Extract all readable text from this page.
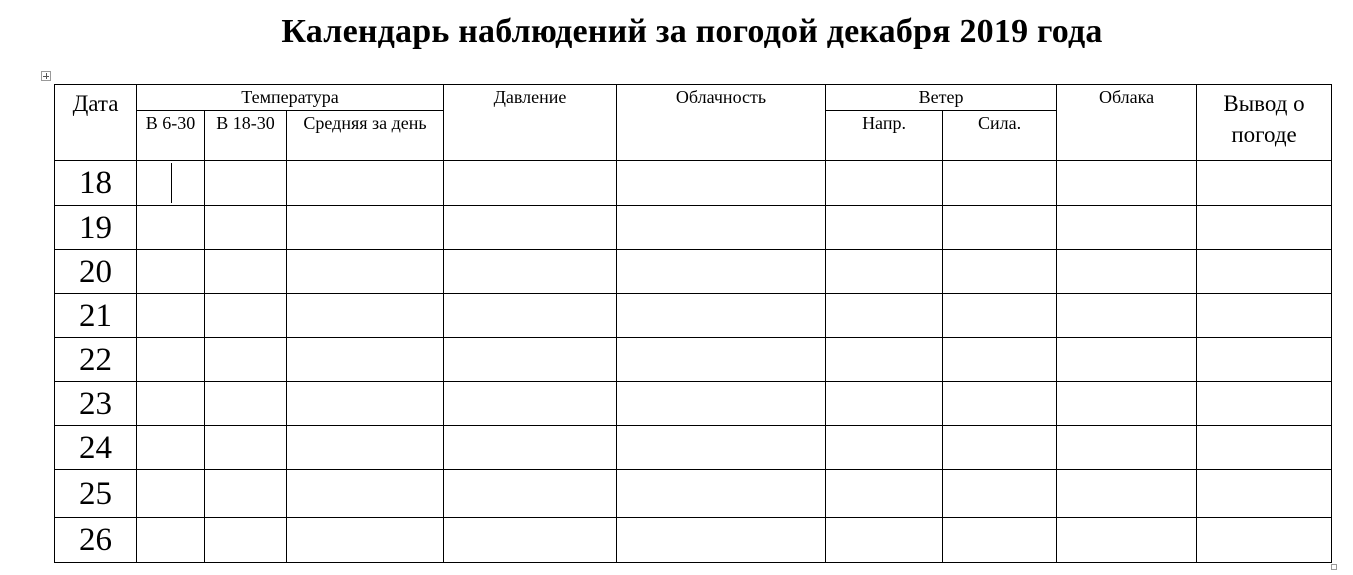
Календарь наблюдений за погодой декабря 2019 года
Дата	Температура			Давление	Облачность	Ветер		Облака	Вывод о погоде
	В 6-30	В 18-30	Средняя за день			Напр.	Сила.		
18	

19									
20									
21									
22									
23									
24									
25									
26									
